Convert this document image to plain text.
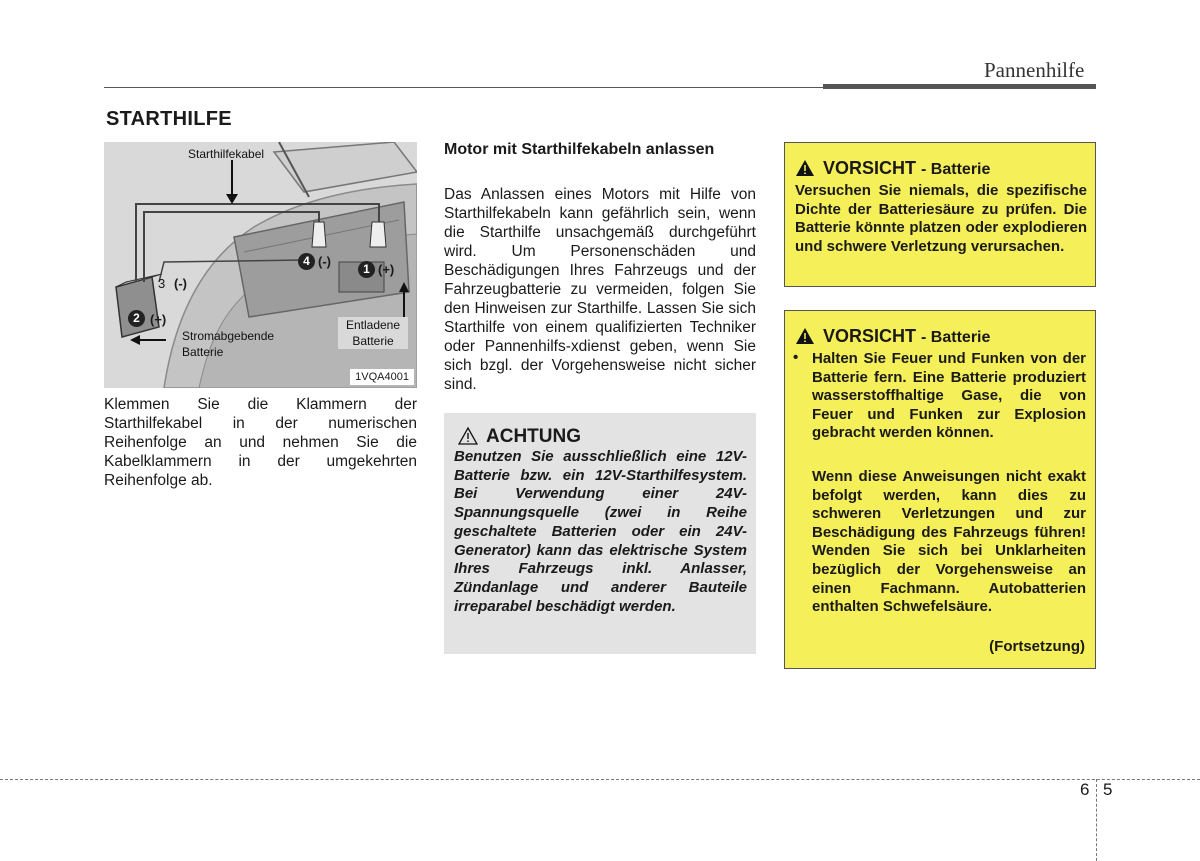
Pannenhilfe
STARTHILFE
Starthilfekabel
Stromabgebende Batterie
Entladene Batterie
1 (+)
2 (+)
3 (-)
4 (-)
1VQA4001
Klemmen Sie die Klammern der Starthilfekabel in der numerischen Reihenfolge an und nehmen Sie die Kabelklammern in der umgekehrten Reihenfolge ab.
Motor mit Starthilfekabeln anlassen
Das Anlassen eines Motors mit Hilfe von Starthilfekabeln kann gefährlich sein, wenn die Starthilfe unsachgemäß durchgeführt wird. Um Personenschäden und Beschädigungen Ihres Fahrzeugs und der Fahrzeugbatterie zu vermeiden, folgen Sie den Hinweisen zur Starthilfe. Lassen Sie sich Starthilfe von einem qualifizierten Techniker oder Pannenhilfs-xdienst geben, wenn Sie sich bzgl. der Vorgehensweise nicht sicher sind.
ACHTUNG
Benutzen Sie ausschließlich eine 12V-Batterie bzw. ein 12V-Starthilfesystem. Bei Verwendung einer 24V-Spannungsquelle (zwei in Reihe geschaltete Batterien oder ein 24V-Generator) kann das elektrische System Ihres Fahrzeugs inkl. Anlasser, Zündanlage und anderer Bauteile irreparabel beschädigt werden.
VORSICHT - Batterie
Versuchen Sie niemals, die spezifische Dichte der Batteriesäure zu prüfen. Die Batterie könnte platzen oder explodieren und schwere Verletzung verursachen.
VORSICHT - Batterie
• Halten Sie Feuer und Funken von der Batterie fern. Eine Batterie produziert wasserstoffhaltige Gase, die von Feuer und Funken zur Explosion gebracht werden können.
Wenn diese Anweisungen nicht exakt befolgt werden, kann dies zu schweren Verletzungen und zur Beschädigung des Fahrzeugs führen! Wenden Sie sich bei Unklarheiten bezüglich der Vorgehensweise an einen Fachmann. Autobatterien enthalten Schwefelsäure.
(Fortsetzung)
6 5
